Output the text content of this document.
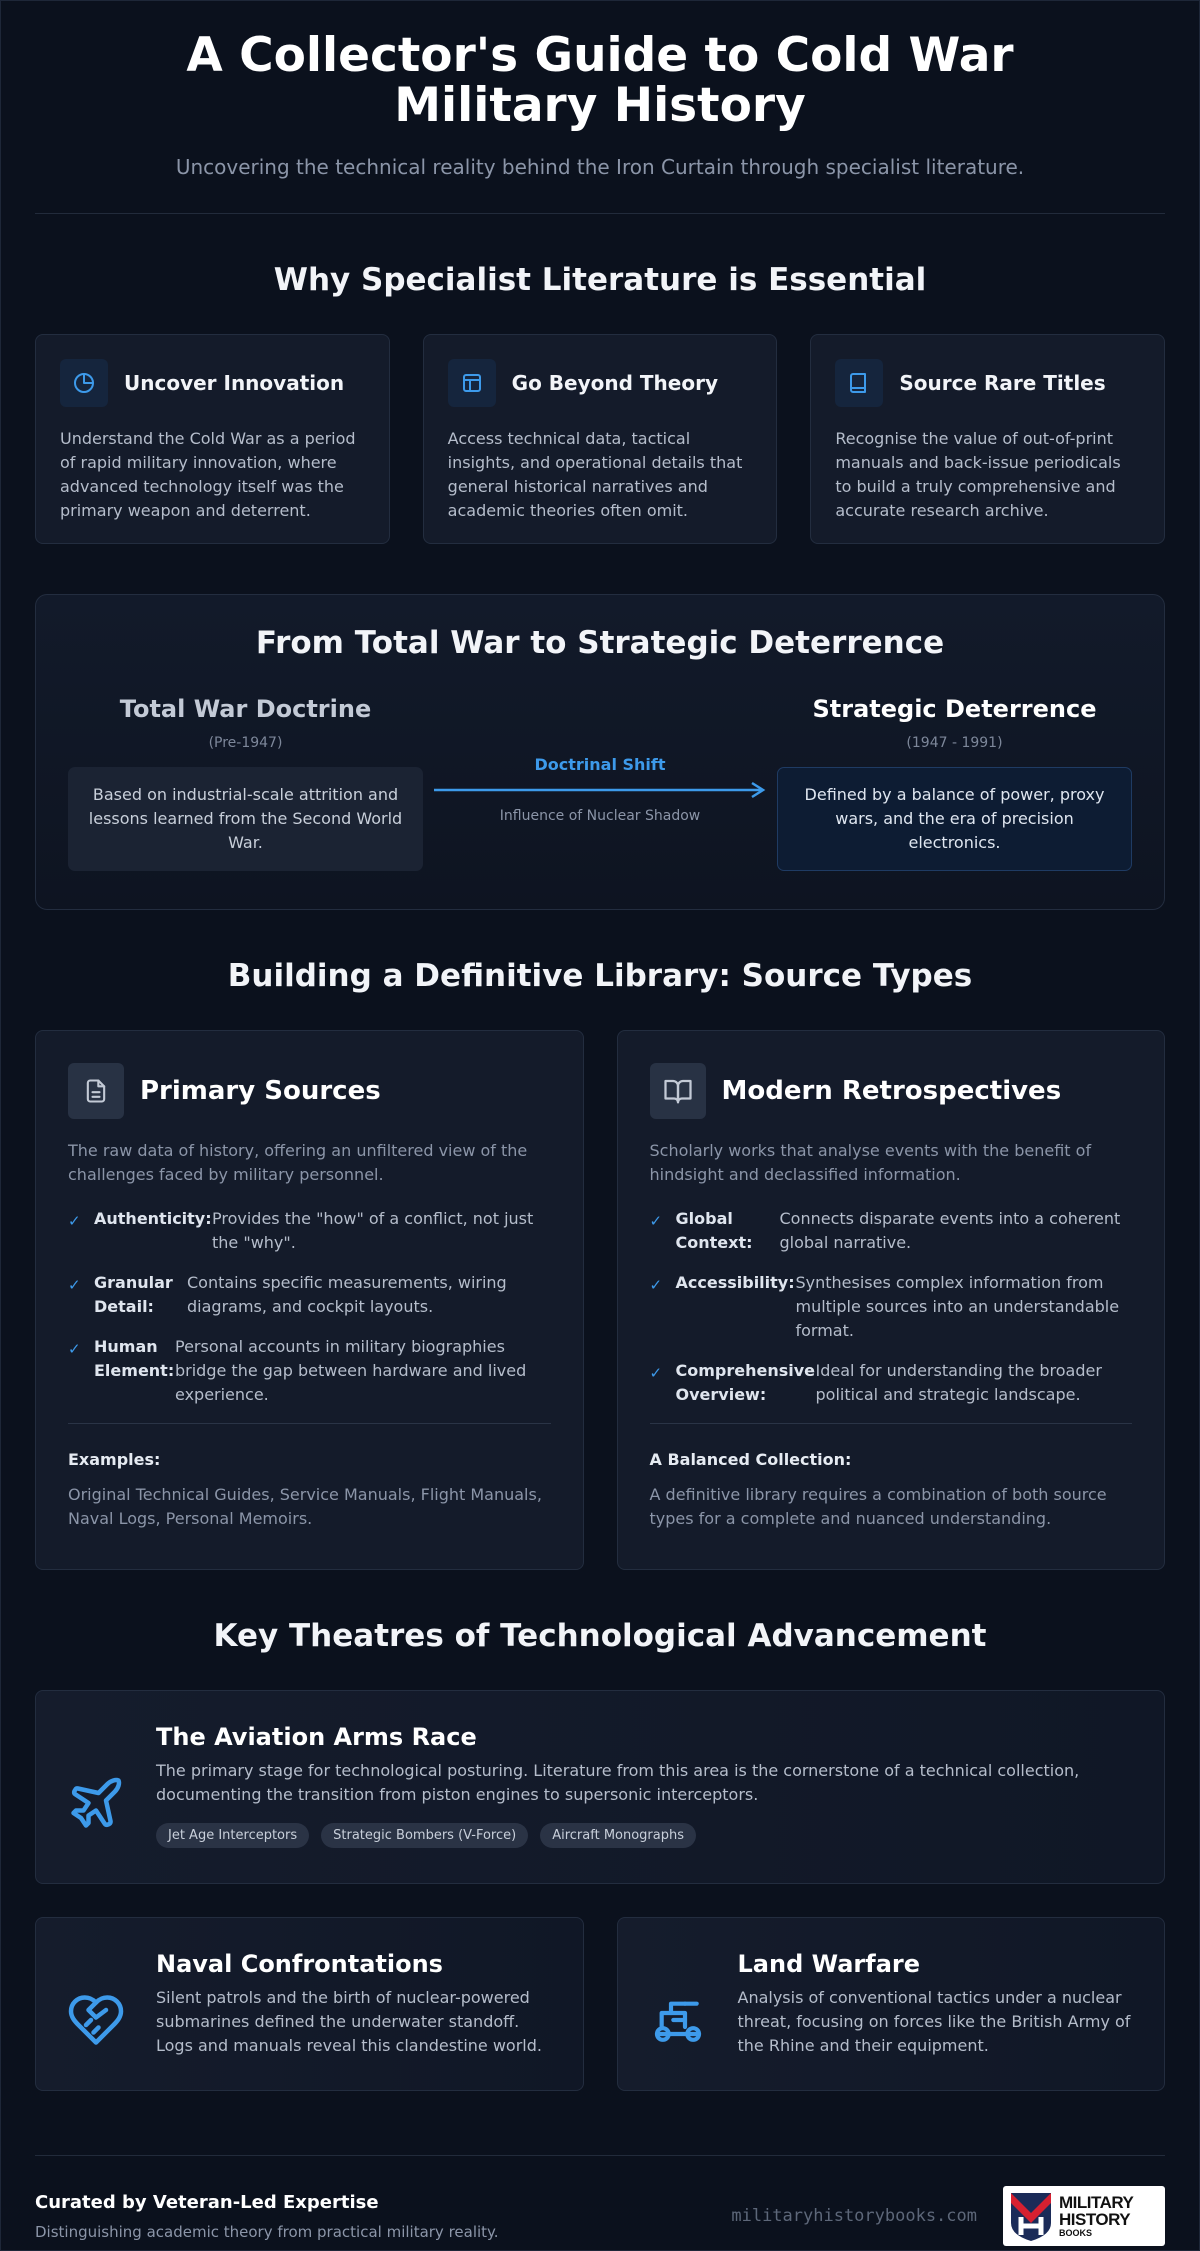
A Collector's Guide to Cold War Military History

Uncovering the technical reality behind the Iron Curtain through specialist literature.

Why Specialist Literature is Essential
Uncover Innovation

Understand the Cold War as a period of rapid military innovation, where advanced technology itself was the primary weapon and deterrent.

Go Beyond Theory

Access technical data, tactical insights, and operational details that general historical narratives and academic theories often omit.

Source Rare Titles

Recognise the value of out-of-print manuals and back-issue periodicals to build a truly comprehensive and accurate research archive.

From Total War to Strategic Deterrence
Total War Doctrine
(Pre-1947)
Based on industrial-scale attrition and lessons learned from the Second World War.
Doctrinal Shift
Influence of Nuclear Shadow
Strategic Deterrence
(1947 - 1991)
Defined by a balance of power, proxy wars, and the era of precision electronics.
Building a Definitive Library: Source Types
Primary Sources

The raw data of history, offering an unfiltered view of the challenges faced by military personnel.

✓ Authenticity: Provides the "how" of a conflict, not just the "why".
✓ Granular Detail:
Contains specific measurements, wiring diagrams, and cockpit layouts.
✓ Human Element:
Personal accounts in military biographies bridge the gap between hardware and lived experience.
Examples:

Original Technical Guides, Service Manuals, Flight Manuals, Naval Logs, Personal Memoirs.

Modern Retrospectives

Scholarly works that analyse events with the benefit of hindsight and declassified information.

✓ Global Context:
Connects disparate events into a coherent global narrative.
✓ Accessibility: Synthesises complex information from multiple sources into an understandable format.
✓ Comprehensive Overview:
Ideal for understanding the broader political and strategic landscape.
A Balanced Collection:

A definitive library requires a combination of both source types for a complete and nuanced understanding.

Key Theatres of Technological Advancement
The Aviation Arms Race

The primary stage for technological posturing. Literature from this area is the cornerstone of a technical collection, documenting the transition from piston engines to supersonic interceptors.

Jet Age Interceptors	Strategic Bombers (V-Force)	Aircraft Monographs
Naval Confrontations

Silent patrols and the birth of nuclear-powered submarines defined the underwater standoff. Logs and manuals reveal this clandestine world.

Land Warfare

Analysis of conventional tactics under a nuclear threat, focusing on forces like the British Army of the Rhine and their equipment.

Curated by Veteran-Led Expertise

Distinguishing academic theory from practical military reality.

militaryhistorybooks.com
MILITARY
HISTORY
BOOKS
